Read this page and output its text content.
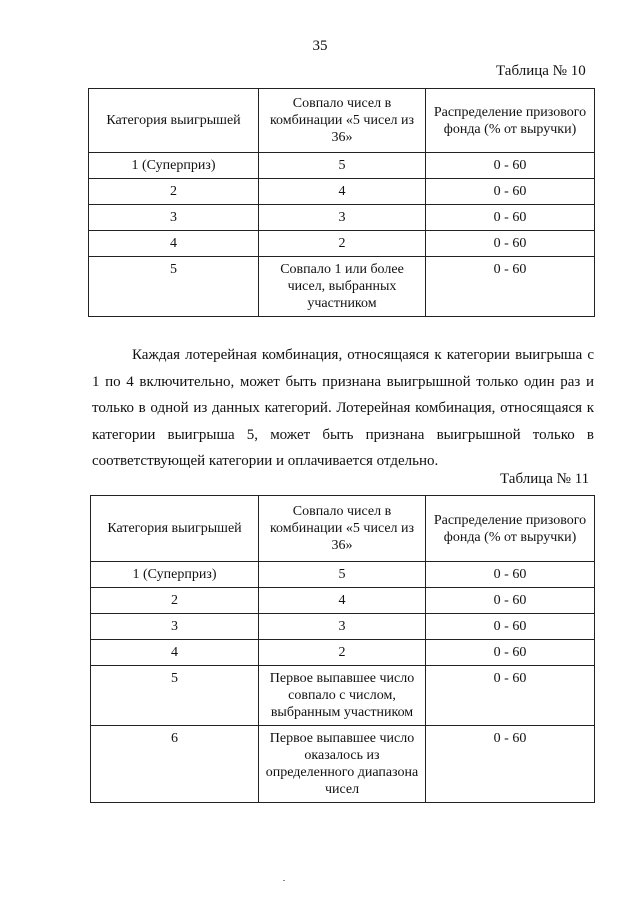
35
Таблица № 10
Категория выигрышей	Совпало чисел в комбинации «5 чисел из 36»	Распределение призового фонда (% от выручки)
1 (Суперприз)	5	0 - 60
2	4	0 - 60
3	3	0 - 60
4	2	0 - 60
5	Совпало 1 или более чисел, выбранных участником	0 - 60

Каждая лотерейная комбинация, относящаяся к категории выигрыша с 1 по 4 включительно, может быть признана выигрышной только один раз и только в одной из данных категорий. Лотерейная комбинация, относящаяся к категории выигрыша 5, может быть признана выигрышной только в соответствующей категории и оплачивается отдельно.

Таблица № 11
Категория выигрышей	Совпало чисел в комбинации «5 чисел из 36»	Распределение призового фонда (% от выручки)
1 (Суперприз)	5	0 - 60
2	4	0 - 60
3	3	0 - 60
4	2	0 - 60
5	Первое выпавшее число совпало с числом, выбранным участником	0 - 60
6	Первое выпавшее число оказалось из определенного диапазона чисел	0 - 60
